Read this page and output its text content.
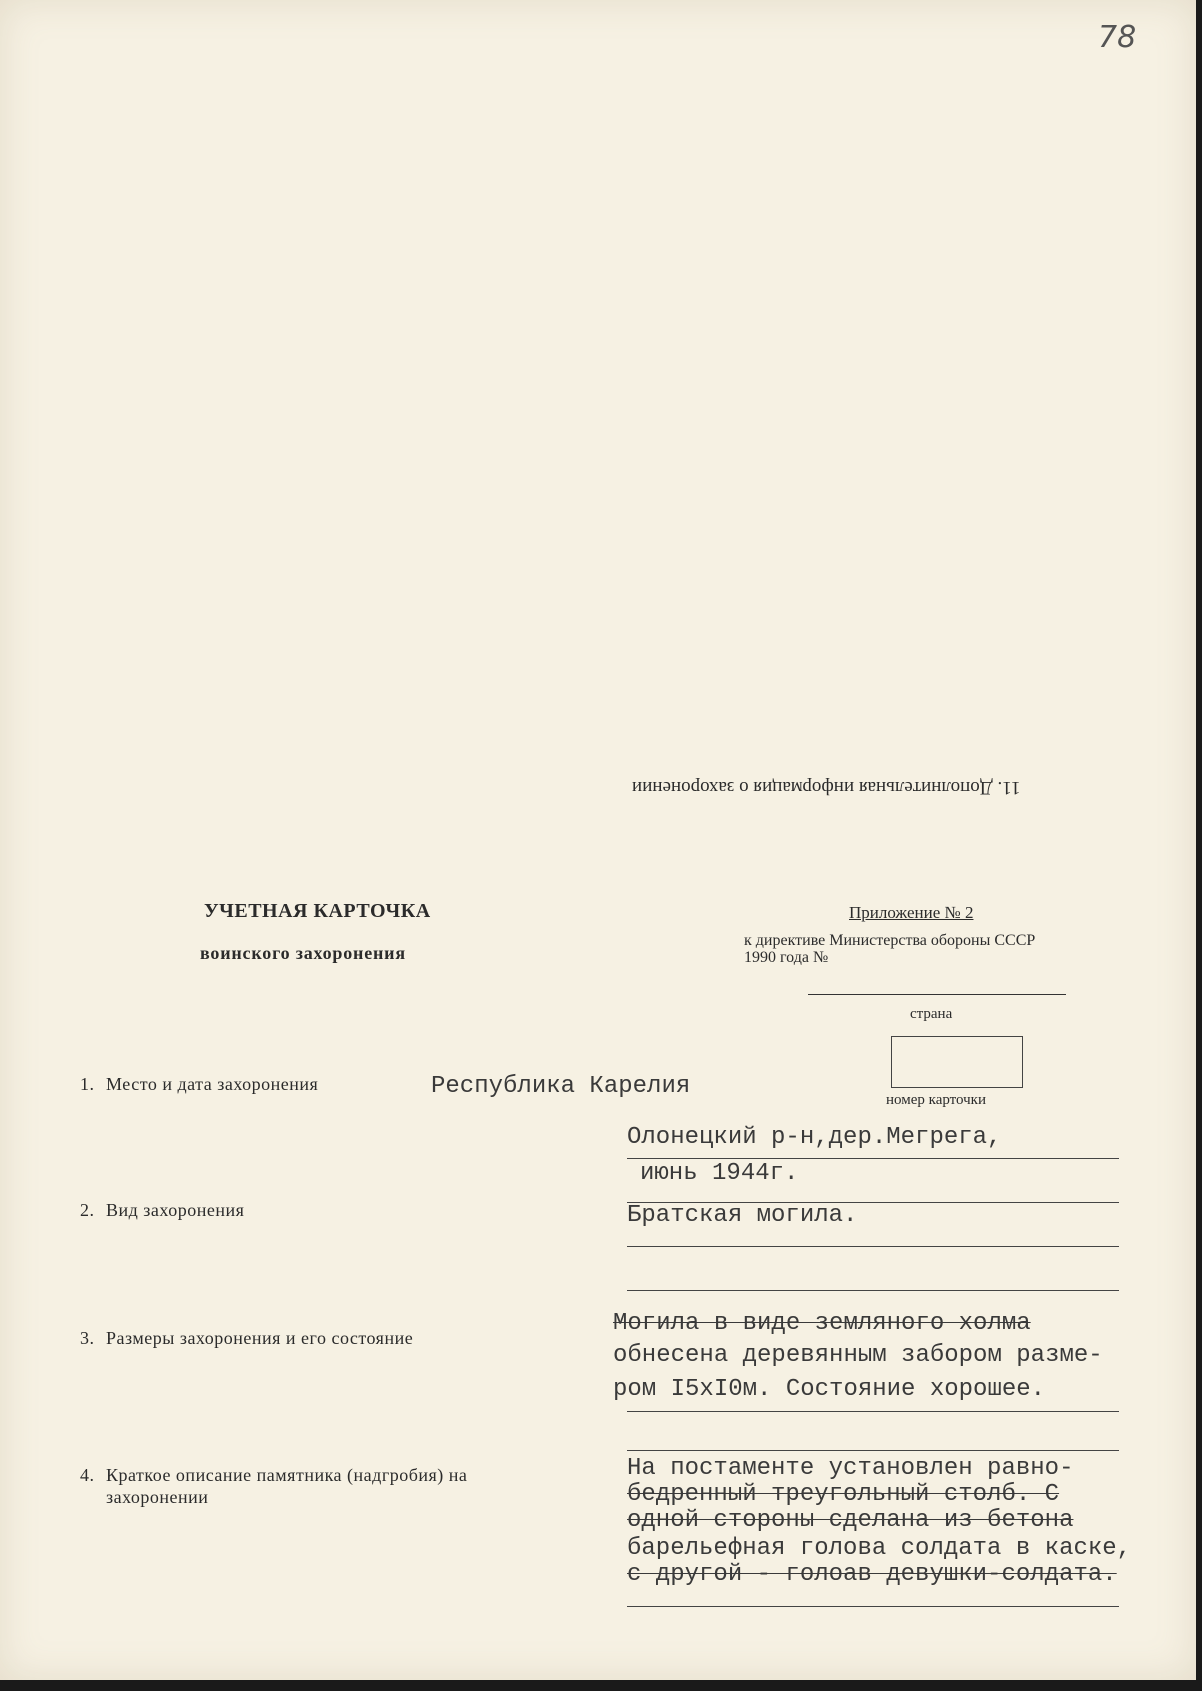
78
11. Дополнительная информация о захоронении
УЧЕТНАЯ КАРТОЧКА
воинского захоронения
Приложение № 2
к директиве Министерства обороны СССР
1990 года №
страна
номер карточки
1. Место и дата захоронения	Республика Карелия
Олонецкий р-н,дер.Мегрега,
июнь 1944г.
2. Вид захоронения	Братская могила.
3. Размеры захоронения и его состояние
Могила в виде земляного холма
обнесена деревянным забором разме-
ром I5хI0м. Состояние хорошее.
4. Краткое описание памятника (надгробия) на
захоронении
На постаменте установлен равно-
бедренный треугольный столб. С
одной стороны сделана из бетона
барельефная голова солдата в каске,
с другой - голоав девушки-солдата.
